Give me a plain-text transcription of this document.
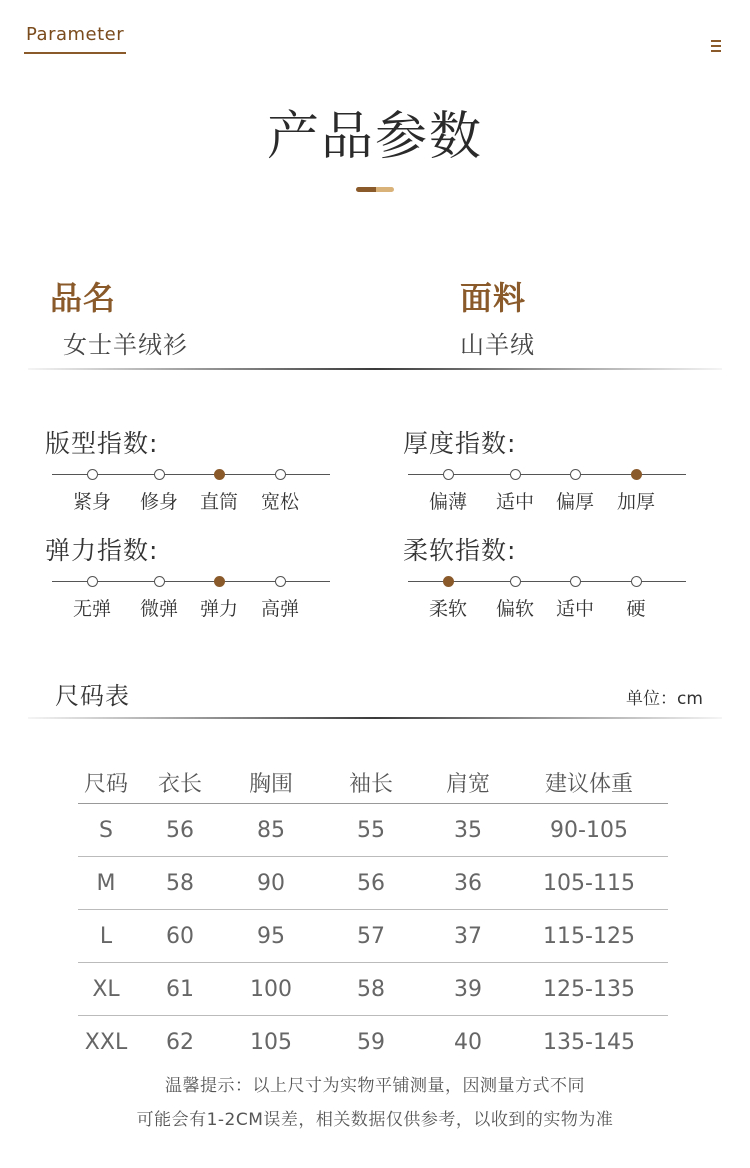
Parameter
产品参数
品名
女士羊绒衫
面料
山羊绒
版型指数:
紧身 修身 直筒 宽松
厚度指数:
偏薄 适中 偏厚 加厚
弹力指数:
无弹 微弹 弹力 高弹
柔软指数:
柔软 偏软 适中 硬
尺码表	单位：cm
尺码	衣长	胸围	袖长	肩宽	建议体重
S	56	85	55	35	90-105
M	58	90	56	36	105-115
L	60	95	57	37	115-125
XL	61	100	58	39	125-135
XXL	62	105	59	40	135-145
温馨提示：以上尺寸为实物平铺测量，因测量方式不同
可能会有1-2CM误差，相关数据仅供参考，以收到的实物为准
